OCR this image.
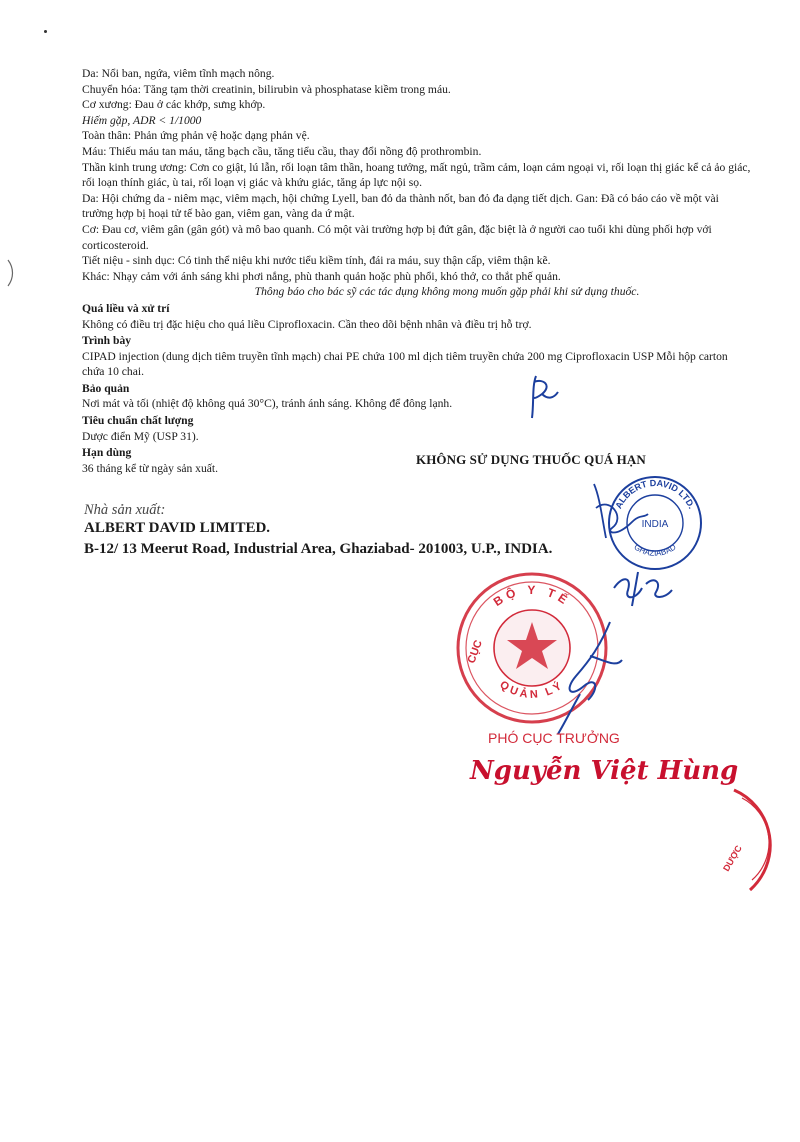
Da: Nổi ban, ngứa, viêm tĩnh mạch nông.
Chuyển hóa: Tăng tạm thời creatinin, bilirubin và phosphatase kiềm trong máu.
Cơ xương: Đau ở các khớp, sưng khớp.
Hiếm gặp, ADR < 1/1000
Toàn thân: Phản ứng phản vệ hoặc dạng phản vệ.
Máu: Thiếu máu tan máu, tăng bạch cầu, tăng tiểu cầu, thay đổi nồng độ prothrombin.
Thần kinh trung ương: Cơn co giật, lú lẫn, rối loạn tâm thần, hoang tưởng, mất ngủ, trầm cảm, loạn cảm ngoại vi, rối loạn thị giác kể cả ảo giác, rối loạn thính giác, ù tai, rối loạn vị giác và khứu giác, tăng áp lực nội sọ.
Da: Hội chứng da - niêm mạc, viêm mạch, hội chứng Lyell, ban đỏ da thành nốt, ban đỏ đa dạng tiết dịch. Gan: Đã có báo cáo về một vài trường hợp bị hoại tử tế bào gan, viêm gan, vàng da ứ mật.
Cơ: Đau cơ, viêm gân (gân gót) và mô bao quanh. Có một vài trường hợp bị đứt gân, đặc biệt là ở người cao tuổi khi dùng phối hợp với corticosteroid.
Tiết niệu - sinh dục: Có tinh thể niệu khi nước tiểu kiềm tính, đái ra máu, suy thận cấp, viêm thận kẽ.
Khác: Nhạy cảm với ánh sáng khi phơi nắng, phù thanh quản hoặc phù phổi, khó thở, co thắt phế quản.
Thông báo cho bác sỹ các tác dụng không mong muốn gặp phải khi sử dụng thuốc.
Quá liều và xử trí
Không có điều trị đặc hiệu cho quá liều Ciprofloxacin. Cần theo dõi bệnh nhân và điều trị hỗ trợ.
Trình bày
CIPAD injection (dung dịch tiêm truyền tĩnh mạch) chai PE chứa 100 ml dịch tiêm truyền chứa 200 mg Ciprofloxacin USP Mỗi hộp carton chứa 10 chai.
Bảo quản
Nơi mát và tối (nhiệt độ không quá 30°C), tránh ánh sáng. Không để đông lạnh.
Tiêu chuẩn chất lượng
Dược điển Mỹ (USP 31).
Hạn dùng
36 tháng kể từ ngày sản xuất.
KHÔNG SỬ DỤNG THUỐC QUÁ HẠN
Nhà sản xuất:
ALBERT DAVID LIMITED.
B-12/ 13 Meerut Road, Industrial Area, Ghaziabad- 201003, U.P., INDIA.
ALBERT DAVID LTD.
INDIA
GHAZIABAD
BỘ Y TẾ
CỤC
QUẢN LÝ
PHÓ CỤC TRƯỞNG
Nguyễn Việt Hùng
DƯỢC
